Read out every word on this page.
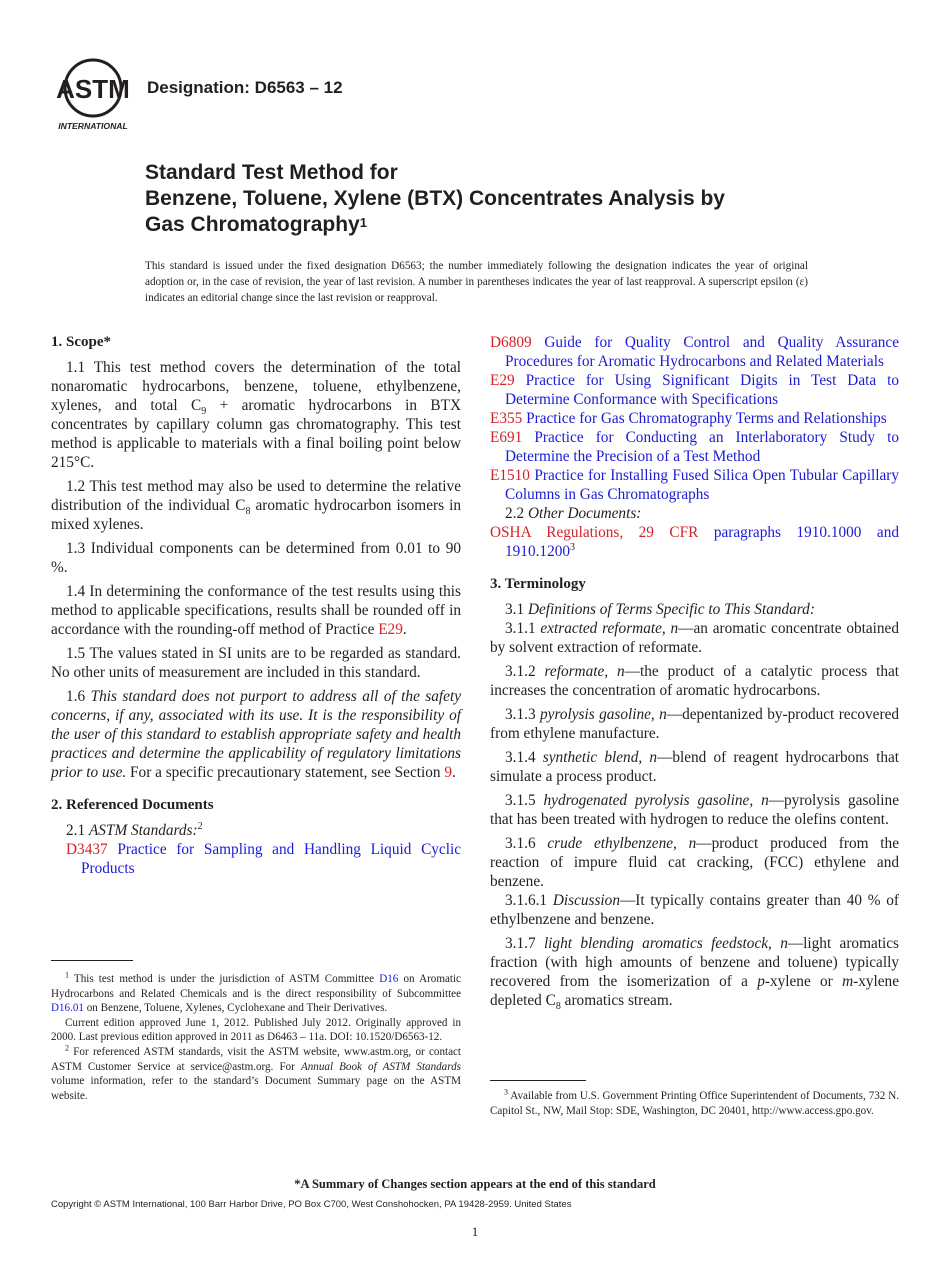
ASTM
INTERNATIONAL
Designation: D6563 – 12
Standard Test Method for
Benzene, Toluene, Xylene (BTX) Concentrates Analysis by
Gas Chromatography$^1$
This standard is issued under the fixed designation D6563; the number immediately following the designation indicates the year of original adoption or, in the case of revision, the year of last revision. A number in parentheses indicates the year of last reapproval. A superscript epsilon (ε) indicates an editorial change since the last revision or reapproval.
1. Scope*

1.1 This test method covers the determination of the total nonaromatic hydrocarbons, benzene, toluene, ethylbenzene, xylenes, and total $C_9$ + aromatic hydrocarbons in BTX concentrates by capillary column gas chromatography. This test method is applicable to materials with a final boiling point below 215°C.

1.2 This test method may also be used to determine the relative distribution of the individual $C_8$ aromatic hydrocarbon isomers in mixed xylenes.

1.3 Individual components can be determined from 0.01 to 90 %.

1.4 In determining the conformance of the test results using this method to applicable specifications, results shall be rounded off in accordance with the rounding-off method of Practice E29.

1.5 The values stated in SI units are to be regarded as standard. No other units of measurement are included in this standard.

1.6 This standard does not purport to address all of the safety concerns, if any, associated with its use. It is the responsibility of the user of this standard to establish appropriate safety and health practices and determine the applicability of regulatory limitations prior to use. For a specific precautionary statement, see Section 9.

2. Referenced Documents

2.1 ASTM Standards:$^2$

D3437 Practice for Sampling and Handling Liquid Cyclic Products

D6809 Guide for Quality Control and Quality Assurance Procedures for Aromatic Hydrocarbons and Related Materials

E29 Practice for Using Significant Digits in Test Data to Determine Conformance with Specifications

E355 Practice for Gas Chromatography Terms and Relationships

E691 Practice for Conducting an Interlaboratory Study to Determine the Precision of a Test Method

E1510 Practice for Installing Fused Silica Open Tubular Capillary Columns in Gas Chromatographs

2.2 Other Documents:

OSHA Regulations, 29 CFR paragraphs 1910.1000 and 1910.1200$^3$

3. Terminology

3.1 Definitions of Terms Specific to This Standard:

3.1.1 extracted reformate, n—an aromatic concentrate obtained by solvent extraction of reformate.

3.1.2 reformate, n—the product of a catalytic process that increases the concentration of aromatic hydrocarbons.

3.1.3 pyrolysis gasoline, n—depentanized by-product recovered from ethylene manufacture.

3.1.4 synthetic blend, n—blend of reagent hydrocarbons that simulate a process product.

3.1.5 hydrogenated pyrolysis gasoline, n—pyrolysis gasoline that has been treated with hydrogen to reduce the olefins content.

3.1.6 crude ethylbenzene, n—product produced from the reaction of impure fluid cat cracking, (FCC) ethylene and benzene.

3.1.6.1 Discussion—It typically contains greater than 40 % of ethylbenzene and benzene.

3.1.7 light blending aromatics feedstock, n—light aromatics fraction (with high amounts of benzene and toluene) typically recovered from the isomerization of a p-xylene or m-xylene depleted $C_8$ aromatics stream.

$^1$ This test method is under the jurisdiction of ASTM Committee D16 on Aromatic Hydrocarbons and Related Chemicals and is the direct responsibility of Subcommittee D16.01 on Benzene, Toluene, Xylenes, Cyclohexane and Their Derivatives.

Current edition approved June 1, 2012. Published July 2012. Originally approved in 2000. Last previous edition approved in 2011 as D6463 – 11a. DOI: 10.1520/D6563-12.

$^2$ For referenced ASTM standards, visit the ASTM website, www.astm.org, or contact ASTM Customer Service at service@astm.org. For Annual Book of ASTM Standards volume information, refer to the standard’s Document Summary page on the ASTM website.	$^3$ Available from U.S. Government Printing Office Superintendent of Documents, 732 N. Capitol St., NW, Mail Stop: SDE, Washington, DC 20401, http://www.access.gpo.gov.

*A Summary of Changes section appears at the end of this standard
Copyright © ASTM International, 100 Barr Harbor Drive, PO Box C700, West Conshohocken, PA 19428-2959. United States
1
